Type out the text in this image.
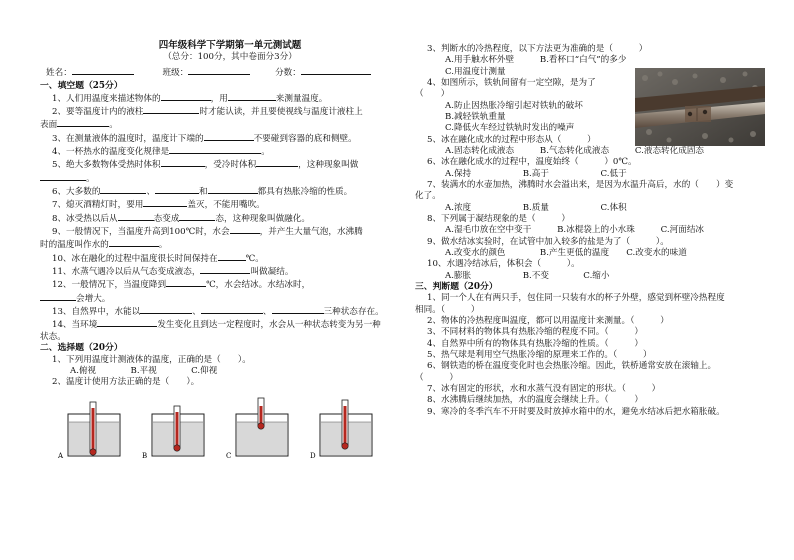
四年级科学下学期第一单元测试题
（总分：100分，其中卷面分3分）
姓名：	班级：	分数：
一、填空题（25分）
1、人们用温度来描述物体的	，用	来测量温度。
2、要等温度计内的液柱	时才能认读，并且要使视线与温度计液柱上
表面	。
3、在测量液体的温度时，温度计下端的	不要碰到容器的底和侧壁。
4、一杯热水的温度变化规律是	。
5、绝大多数物体受热时体积	，受冷时体积	，这种现象叫做
。
6、大多数的	、	和	都具有热胀冷缩的性质。
7、熄灭酒精灯时，要用	盖灭，不能用嘴吹。
8、冰受热以后从	态变成	态，这种现象叫做融化。
9、一般情况下，当温度升高到100℃时，水会	，并产生大量气泡，水沸腾
时的温度叫作水的	。
10、冰在融化的过程中温度很长时间保持在	℃。
11、水蒸气遇冷以后从气态变成液态，	叫做凝结。
12、一般情况下，当温度降到	℃，水会结冰。水结冰时，
会增大。
13、自然界中，水能以	、	、	三种状态存在。
14、当环境	发生变化且到达一定程度时，水会从一种状态转变为另一种
状态。
二、选择题（20分）
1、下列用温度计测液体的温度，正确的是（　　）。
A.俯视　　　　B.平视　　　　C.仰视
2、温度计使用方法正确的是（　　）。
A	B	C	D
3、判断水的冷热程度，以下方法更为准确的是（　　　）
A.用手触水杯外壁　　　B.看杯口“白气”的多少
C.用温度计测量
4、如图所示，铁轨间留有一定空隙，是为了
（　　）
A.防止因热胀冷缩引起对铁轨的破坏
B.减轻铁轨重量
C.降低火车经过铁轨时发出的噪声
5、冰在融化成水的过程中形态从（　　　）
A.固态转化成液态　　　B.气态转化成液态　　　C.液态转化成固态
6、冰在融化成水的过程中，温度始终（　　　）0℃。
A.保持　　　　　　B.高于　　　　　　C.低于
7、装满水的水壶加热，沸腾时水会溢出来，是因为水温升高后，水的（　　）变
化了。
A.浓度　　　　　　B.质量　　　　　　C.体积
8、下列属于凝结现象的是（　　　）
A.湿毛巾放在空中变干　　　B.冰棍袋上的小水珠　　　C.河面结冰
9、做水结冰实验时，在试管中加入较多的盐是为了（　　　）。
A.改变水的颜色　　　　B.产生更低的温度　　C.改变水的味道
10、水遇冷结冰后，体积会（　　　）。
A.膨胀　　　　　　B.不变　　　　C.缩小
三、判断题（20分）
1、同一个人在有两只手，包住同一只装有水的杯子外壁，感觉到杯壁冷热程度
相同。（　　　）
2、物体的冷热程度叫温度，都可以用温度计来测量。（　　　）
3、不同材料的物体具有热胀冷缩的程度不同。（　　　）
4、自然界中所有的物体具有热胀冷缩的性质。（　　　）
5、热气球是利用空气热胀冷缩的原理来工作的。（　　　）
6、钢铁造的桥在温度变化时也会热胀冷缩。因此，铁桥通常安放在滚轴上。
（　　　）
7、冰有固定的形状，水和水蒸气没有固定的形状。（　　　）
8、水沸腾后继续加热，水的温度会继续上升。（　　　）
9、寒冷的冬季汽车不开时要及时放掉水箱中的水，避免水结冰后把水箱胀破。
